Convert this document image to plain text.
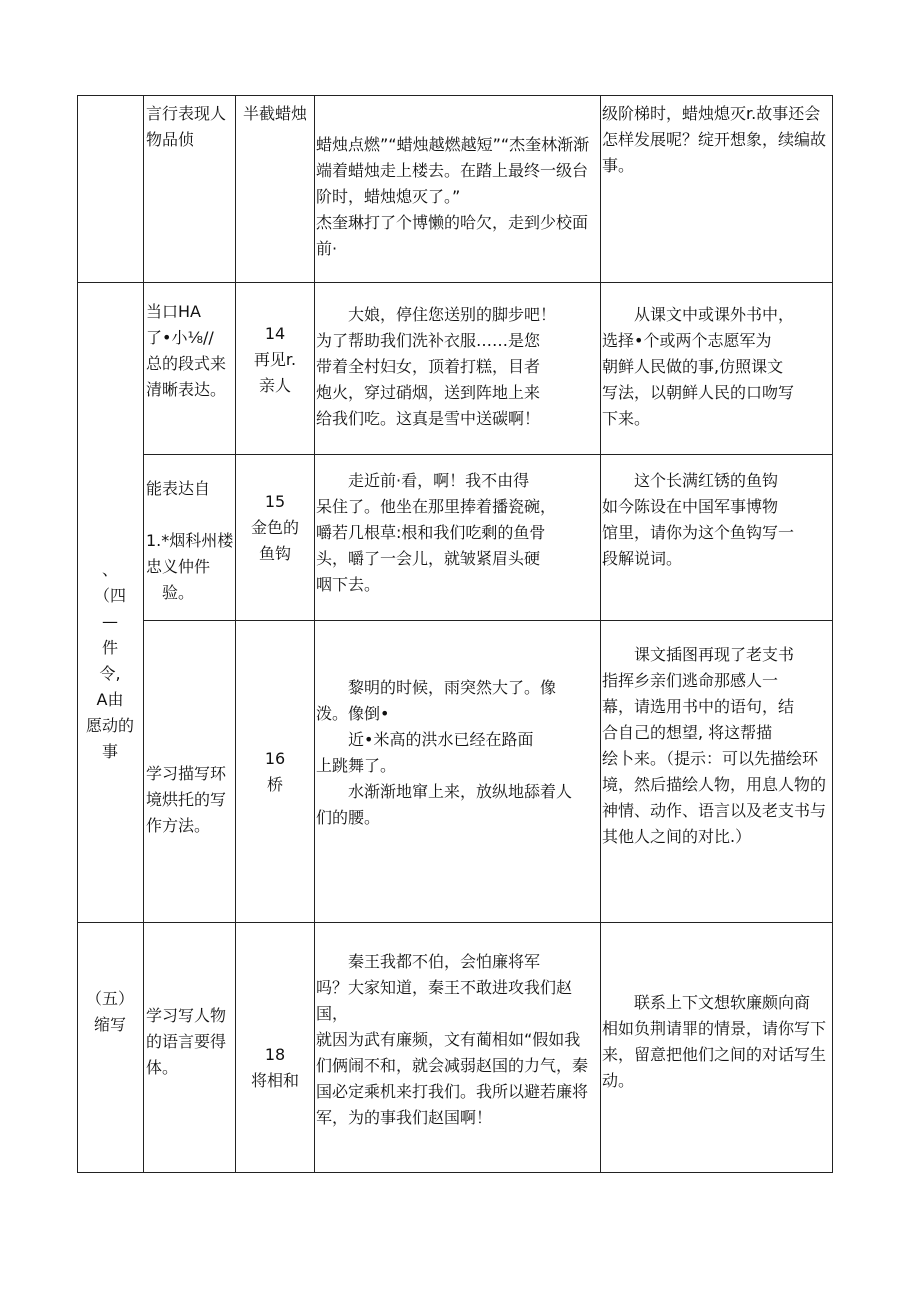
言行表现人
物品侦
半截蜡烛
蜡烛点燃”“蜡烛越燃越短”“杰奎林渐渐端着蜡烛走上楼去。在踏上最终一级台阶时，蜡烛熄灭了。”
杰奎琳打了个博懒的哈欠，走到少校面前·
级阶梯时，蜡烛熄灭r.故事还会怎样发展呢？绽开想象，续编故事。
、
（四
—
件
令,
A由
愿动的
事
当口HA
了•小⅛//
总的段式来
清晰表达。
14
再见r.
亲人
　　大娘，停住您送别的脚步吧！
为了帮助我们洗补衣服……是您
带着全村妇女，顶着打糕，目者
炮火，穿过硝烟，送到阵地上来
给我们吃。这真是雪中送碳啊！
　　从课文中或课外书中，
选择•个或两个志愿军为
朝鲜人民做的事,仿照课文
写法，以朝鲜人民的口吻写
下来。
能表达自

1.*烟科州楼
忠义仲件
　验。
15
金色的
鱼钩
　　走近前·看，啊！我不由得
呆住了。他坐在那里捧着播瓷碗，
嚼若几根草:根和我们吃剩的鱼骨
头，嚼了一会儿，就皱紧眉头硬
咽下去。
　　这个长满红锈的鱼钩
如今陈设在中国军事博物
馆里，请你为这个鱼钩写一
段解说词。
学习描写环
境烘托的写
作方法。
16
桥
　　黎明的时候，雨突然大了。像
泼。像倒•
　　近•米高的洪水已经在路面
上跳舞了。
　　水渐渐地窜上来，放纵地舔着人
们的腰。
　　课文插图再现了老支书
指挥乡亲们逃命那感人一
幕，请选用书中的语句，结
合自己的想望, 将这帮描
绘卜来。（提示：可以先描绘环
境，然后描绘人物，用息人物的
神情、动作、语言以及老支书与
其他人之间的对比.）
（五）
缩写	学习写人物
的语言要得
体。
18
将相和
　　秦王我都不伯，会怕廉将军
吗？大家知道，秦王不敢进攻我们赵国，
就因为武有廉频，文有蔺相如“假如我
们俩闹不和，就会减弱赵国的力气，秦
国必定乘机来打我们。我所以避若廉将
军，为的事我们赵国啊！
　　联系上下文想软廉颇向商
相如负荆请罪的情景，请你写下
来，留意把他们之间的对话写生
动。
